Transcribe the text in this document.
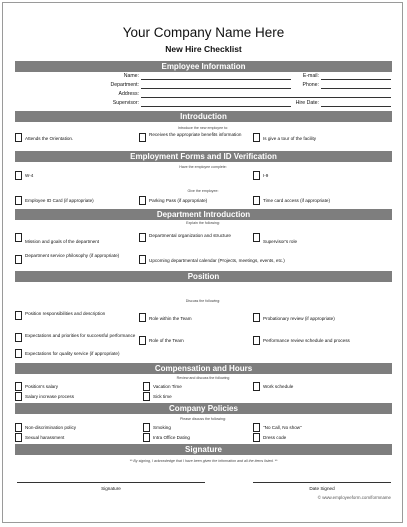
Your Company Name Here
New Hire Checklist
Employee Information
Name:	E-mail:
Department:	Phone:
Address:
Supervisor:	Hire Date:
Introduction
Introduce the new employee to:
Attends the Orientation.
Receives the appropriate benefits information
Is give a tour of the facility
Employment Forms and ID Verification
Have the employee complete:
W-4	I-9
Give the employee:
Employee ID Card (if appropriate)	Parking Pass (if appropriate)	Time card access (if appropriate)
Department Introduction
Explain the following:
Mission and goals of the department
Departmental organization and structure
Supervisor's role
Department service philosophy (if appropriate)
Upcoming departmental calendar (Projects, meetings, events, etc.)
Position
Discuss the following:
Position responsibilities and description
Role within the Team	Probationary review (if appropriate)
Expectations and priorities for successful performance
Role of the Team	Performance review schedule and process
Expectations for quality service (if appropriate)
Compensation and Hours
Review and discuss the following
Position's salary	Vacation Time	Work schedule
Salary increase process	Sick time
Company Policies
Please discuss the following:
Non-discrimination policy	Smoking	"No Call, No show"
Sexual harassment	Intra Office Dating	Dress code
Signature
** By signing, I acknowledge that I have been given the information and all the items listed. **
Signature	Date Signed
© www.employeeform.com/formname
